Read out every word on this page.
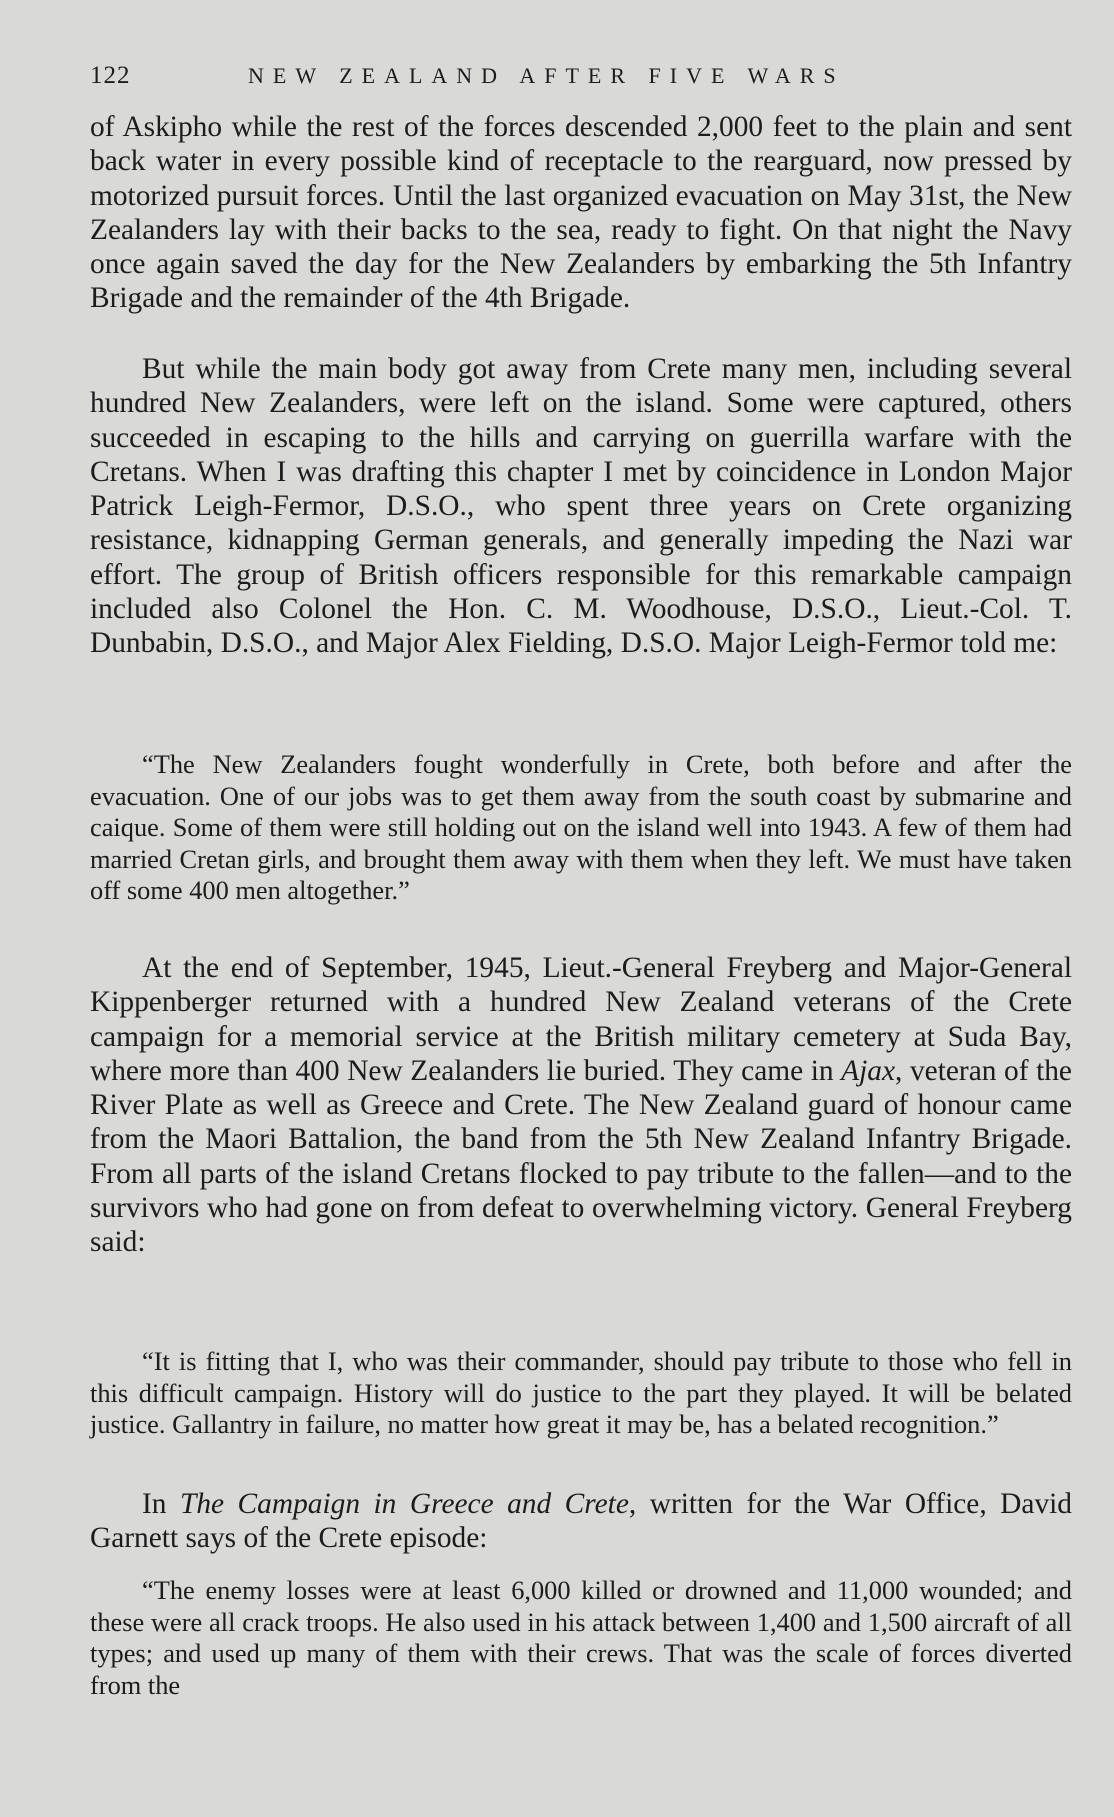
122	NEW ZEALAND AFTER FIVE WARS

of Askipho while the rest of the forces descended 2,000 feet to the plain and sent back water in every possible kind of receptacle to the rearguard, now pressed by motorized pursuit forces. Until the last organized evacuation on May 31st, the New Zealanders lay with their backs to the sea, ready to fight. On that night the Navy once again saved the day for the New Zealanders by embarking the 5th Infantry Brigade and the remainder of the 4th Brigade.

But while the main body got away from Crete many men, including several hundred New Zealanders, were left on the island. Some were captured, others succeeded in escaping to the hills and carrying on guerrilla warfare with the Cretans. When I was drafting this chapter I met by coincidence in London Major Patrick Leigh-Fermor, D.S.O., who spent three years on Crete organizing resistance, kidnapping German generals, and generally impeding the Nazi war effort. The group of British officers responsible for this remarkable campaign included also Colonel the Hon. C. M. Woodhouse, D.S.O., Lieut.-Col. T. Dunbabin, D.S.O., and Major Alex Fielding, D.S.O. Major Leigh-Fermor told me:

“The New Zealanders fought wonderfully in Crete, both before and after the evacuation. One of our jobs was to get them away from the south coast by submarine and caique. Some of them were still holding out on the island well into 1943. A few of them had married Cretan girls, and brought them away with them when they left. We must have taken off some 400 men altogether.”

At the end of September, 1945, Lieut.-General Freyberg and Major-General Kippenberger returned with a hundred New Zealand veterans of the Crete campaign for a memorial service at the British military cemetery at Suda Bay, where more than 400 New Zealanders lie buried. They came in Ajax, veteran of the River Plate as well as Greece and Crete. The New Zealand guard of honour came from the Maori Battalion, the band from the 5th New Zealand Infantry Brigade. From all parts of the island Cretans flocked to pay tribute to the fallen—and to the survivors who had gone on from defeat to overwhelming victory. General Freyberg said:

“It is fitting that I, who was their commander, should pay tribute to those who fell in this difficult campaign. History will do justice to the part they played. It will be belated justice. Gallantry in failure, no matter how great it may be, has a belated recognition.”

In The Campaign in Greece and Crete, written for the War Office, David Garnett says of the Crete episode:

“The enemy losses were at least 6,000 killed or drowned and 11,000 wounded; and these were all crack troops. He also used in his attack between 1,400 and 1,500 aircraft of all types; and used up many of them with their crews. That was the scale of forces diverted from the
